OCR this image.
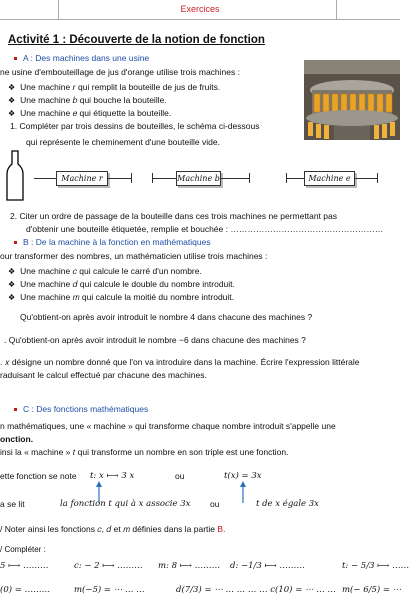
Exercices
Activité 1 : Découverte de la notion de fonction
A : Des machines dans une usine
ne usine d'embouteillage de jus d'orange utilise trois machines :
❖ Une machine 𝑟 qui remplit la bouteille de jus de fruits.
❖ Une machine 𝑏 qui bouche la bouteille.
❖ Une machine 𝑒 qui étiquette la bouteille.
1. Compléter par trois dessins de bouteilles, le schéma ci-dessous
qui représente le cheminement d'une bouteille vide.
Machine 𝑟	Machine 𝑏	Machine 𝑒
2. Citer un ordre de passage de la bouteille dans ces trois machines ne permettant pas
d'obtenir une bouteille étiquetée, remplie et bouchée : ………………………………………………
B : De la machine à la fonction en mathématiques
our transformer des nombres, un mathématicien utilise trois machines :
❖ Une machine 𝑐 qui calcule le carré d'un nombre.
❖ Une machine 𝑑 qui calcule le double du nombre introduit.
❖ Une machine 𝑚 qui calcule la moitié du nombre introduit.
Qu'obtient-on après avoir introduit le nombre 4 dans chacune des machines ?
. Qu'obtient-on après avoir introduit le nombre −6 dans chacune des machines ?
. 𝑥 désigne un nombre donné que l'on va introduire dans la machine. Écrire l'expression littérale
raduisant le calcul effectué par chacune des machines.
C : Des fonctions mathématiques
n mathématiques, une « machine » qui transforme chaque nombre introduit s'appelle une
onction.
insi la « machine » 𝑡 qui transforme un nombre en son triple est une fonction.
ette fonction se note 𝑡: 𝑥 ⟼ 3 𝑥	ou	𝑡(𝑥) = 3𝑥
a se lit	𝑙𝑎 𝑓𝑜𝑛𝑐𝑡𝑖𝑜𝑛 𝑡 𝑞𝑢𝑖 à 𝑥 𝑎𝑠𝑠𝑜𝑐𝑖𝑒 3𝑥 ou	𝑡 𝑑𝑒 𝑥 é𝑔𝑎𝑙𝑒 3𝑥
/ Noter ainsi les fonctions 𝑐, 𝑑 et 𝑚 définies dans la partie B.
/ Compléter :
5 ⟼ ………	𝑐: − 2 ⟼ ……… 𝑚: 8 ⟼ ……… 𝑑: −1/3 ⟼ ………	𝑡: − 5/3 ⟼ ……
(0) = ………	𝑚(−5) = ⋯ … …	𝑑(7/3) = ⋯ … … … … 𝑐(10) = ⋯ … … 𝑚(− 6/5) = ⋯
